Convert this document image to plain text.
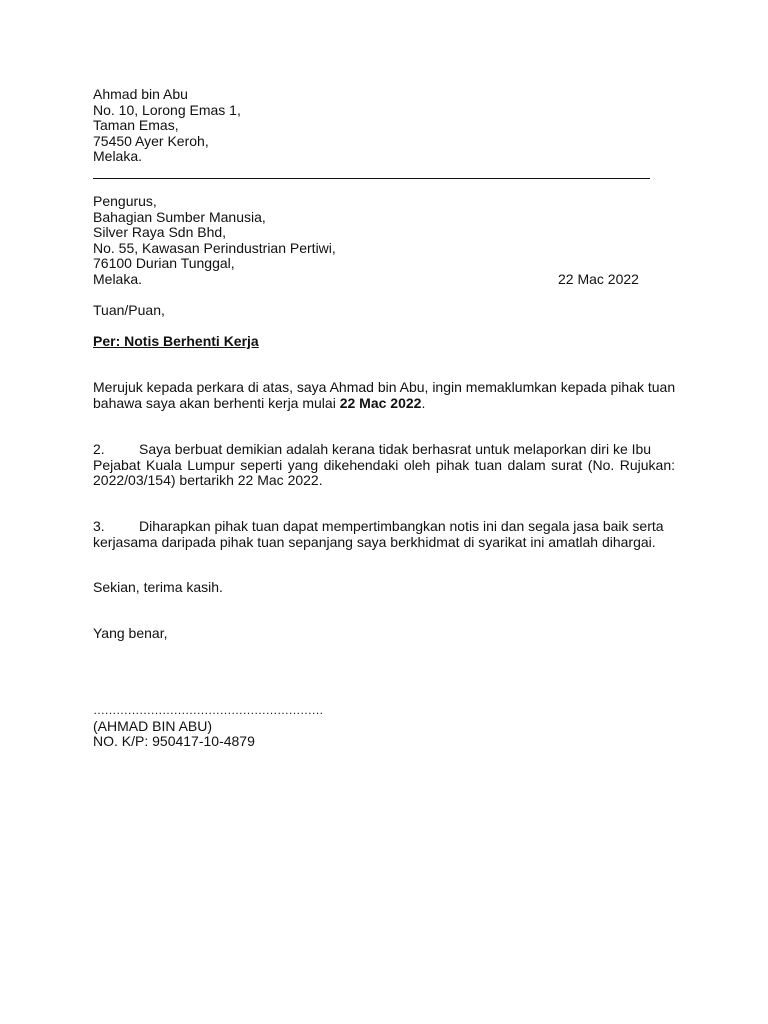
Ahmad bin Abu
No. 10, Lorong Emas 1,
Taman Emas,
75450 Ayer Keroh,
Melaka.
Pengurus,
Bahagian Sumber Manusia,
Silver Raya Sdn Bhd,
No. 55, Kawasan Perindustrian Pertiwi,
76100 Durian Tunggal,
Melaka.	22 Mac 2022
Tuan/Puan,
Per: Notis Berhenti Kerja
Merujuk kepada perkara di atas, saya Ahmad bin Abu, ingin memaklumkan kepada pihak tuan
bahawa saya akan berhenti kerja mulai 22 Mac 2022.
2. Saya berbuat demikian adalah kerana tidak berhasrat untuk melaporkan diri ke Ibu
Pejabat Kuala Lumpur seperti yang dikehendaki oleh pihak tuan dalam surat (No. Rujukan:
2022/03/154) bertarikh 22 Mac 2022.
3. Diharapkan pihak tuan dapat mempertimbangkan notis ini dan segala jasa baik serta
kerjasama daripada pihak tuan sepanjang saya berkhidmat di syarikat ini amatlah dihargai.
Sekian, terima kasih.
Yang benar,
……………………………………………………
(AHMAD BIN ABU)
NO. K/P: 950417-10-4879
